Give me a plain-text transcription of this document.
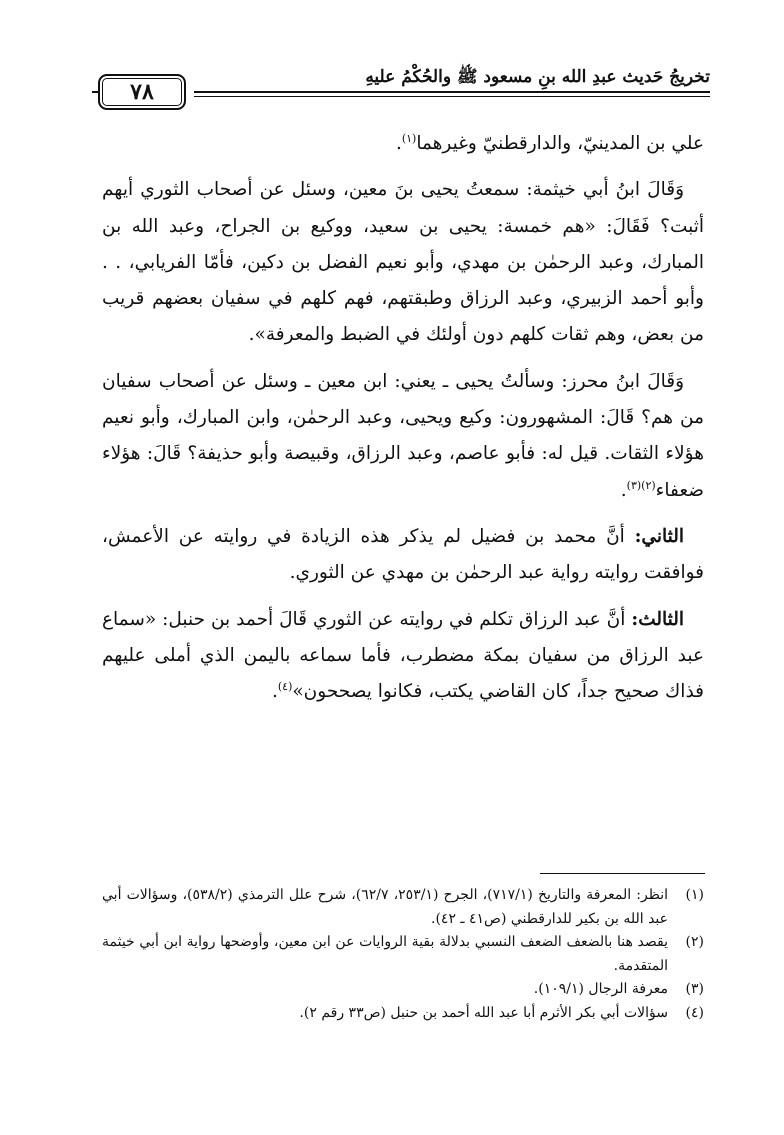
٧٨
تخريجُ حَديث عبدِ الله بنِ مسعود ﷺ والحُكْمُ عليهِ

علي بن المدينيّ، والدارقطنيّ وغيرهما$^{(١)}$.

وَقَالَ ابنُ أبي خيثمة: سمعتُ يحيى بنَ معين، وسئل عن أصحاب الثوري أيهم أثبت؟ فَقَالَ: «هم خمسة: يحيى بن سعيد، ووكيع بن الجراح، وعبد الله بن المبارك، وعبد الرحمٰن بن مهدي، وأبو نعيم الفضل بن دكين، فأمّا الفريابي، . . وأبو أحمد الزبيري، وعبد الرزاق وطبقتهم، فهم كلهم في سفيان بعضهم قريب من بعض، وهم ثقات كلهم دون أولئك في الضبط والمعرفة».

وَقَالَ ابنُ محرز: وسألتُ يحيى ـ يعني: ابن معين ـ وسئل عن أصحاب سفيان من هم؟ قَالَ: المشهورون: وكيع ويحيى، وعبد الرحمٰن، وابن المبارك، وأبو نعيم هؤلاء الثقات. قيل له: فأبو عاصم، وعبد الرزاق، وقبيصة وأبو حذيفة؟ قَالَ: هؤلاء ضعفاء$^{(٢)(٣)}$.

الثاني: أنَّ محمد بن فضيل لم يذكر هذه الزيادة في روايته عن الأعمش، فوافقت روايته رواية عبد الرحمٰن بن مهدي عن الثوري.

الثالث: أنَّ عبد الرزاق تكلم في روايته عن الثوري قَالَ أحمد بن حنبل: «سماع عبد الرزاق من سفيان بمكة مضطرب، فأما سماعه باليمن الذي أملى عليهم فذاك صحيح جداً، كان القاضي يكتب، فكانوا يصححون»$^{(٤)}$.

(١)
انظر: المعرفة والتاريخ (٧١٧/١)، الجرح (٢٥٣/١، ٦٢/٧)، شرح علل الترمذي (٥٣٨/٢)، وسؤالات أبي عبد الله بن بكير للدارقطني (ص٤١ ـ ٤٢).

(٢)
يقصد هنا بالضعف الضعف النسبي بدلالة بقية الروايات عن ابن معين، وأوضحها رواية ابن أبي خيثمة المتقدمة.

(٣)
معرفة الرجال (١٠٩/١).

(٤)
سؤالات أبي بكر الأثرم أبا عبد الله أحمد بن حنبل (ص٣٣ رقم ٢).
